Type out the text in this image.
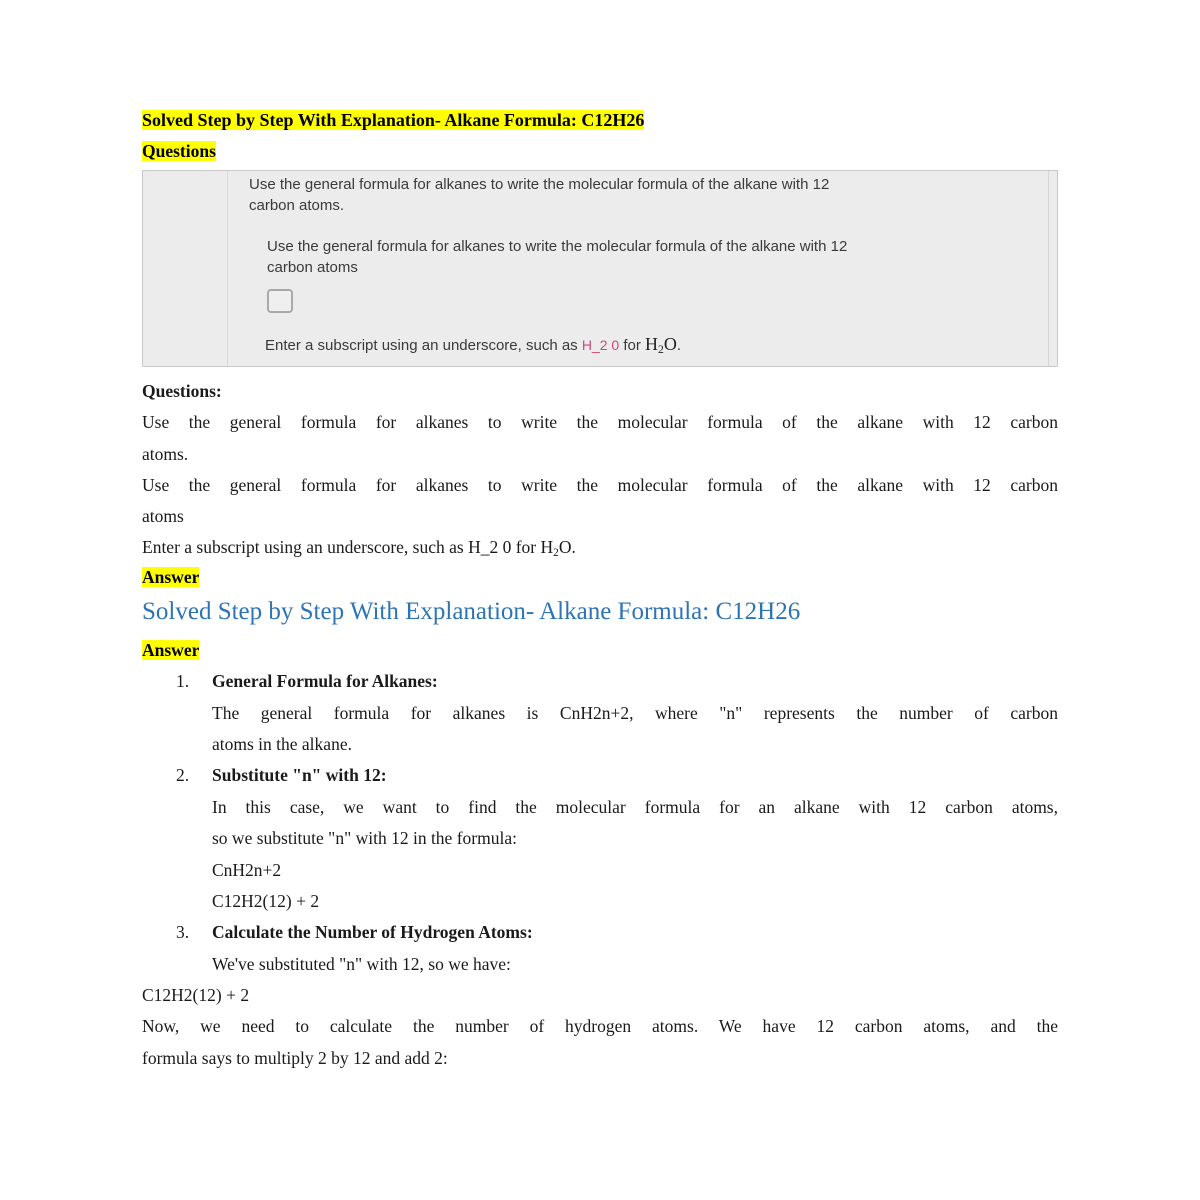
Solved Step by Step With Explanation- Alkane Formula: C12H26
Questions
Use the general formula for alkanes to write the molecular formula of the alkane with 12
carbon atoms.
Use the general formula for alkanes to write the molecular formula of the alkane with 12
carbon atoms
Enter a subscript using an underscore, such as H_2 0 for $H_2O$.
Questions:
Use the general formula for alkanes to write the molecular formula of the alkane with 12 carbon
atoms.
Use the general formula for alkanes to write the molecular formula of the alkane with 12 carbon
atoms
Enter a subscript using an underscore, such as H_2 0 for $H_2O$.
Answer
Solved Step by Step With Explanation- Alkane Formula: C12H26
Answer
1. General Formula for Alkanes:
The general formula for alkanes is CnH2n+2, where "n" represents the number of carbon
atoms in the alkane.
2. Substitute "n" with 12:
In this case, we want to find the molecular formula for an alkane with 12 carbon atoms,
so we substitute "n" with 12 in the formula:
CnH2n+2
C12H2(12) + 2
3. Calculate the Number of Hydrogen Atoms:
We've substituted "n" with 12, so we have:
C12H2(12) + 2
Now, we need to calculate the number of hydrogen atoms. We have 12 carbon atoms, and the
formula says to multiply 2 by 12 and add 2:
